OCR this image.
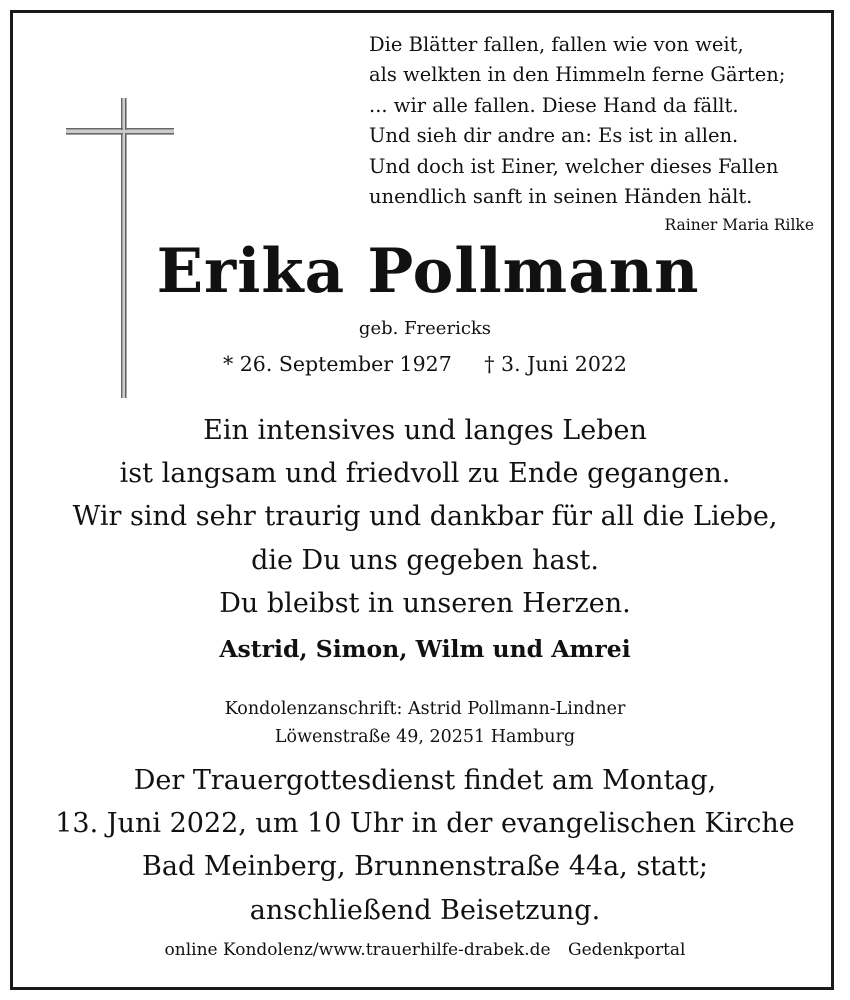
Die Blätter fallen, fallen wie von weit,
als welkten in den Himmeln ferne Gärten;
... wir alle fallen. Diese Hand da fällt.
Und sieh dir andre an: Es ist in allen.
Und doch ist Einer, welcher dieses Fallen
unendlich sanft in seinen Händen hält.
Rainer Maria Rilke
Erika Pollmann
geb. Freericks
* 26. September 1927 † 3. Juni 2022
Ein intensives und langes Leben
ist langsam und friedvoll zu Ende gegangen.
Wir sind sehr traurig und dankbar für all die Liebe,
die Du uns gegeben hast.
Du bleibst in unseren Herzen.
Astrid, Simon, Wilm und Amrei
Kondolenzanschrift: Astrid Pollmann-Lindner
Löwenstraße 49, 20251 Hamburg
Der Trauergottesdienst findet am Montag,
13. Juni 2022, um 10 Uhr in der evangelischen Kirche
Bad Meinberg, Brunnenstraße 44a, statt;
anschließend Beisetzung.
online Kondolenz/www.trauerhilfe-drabek.de Gedenkportal
